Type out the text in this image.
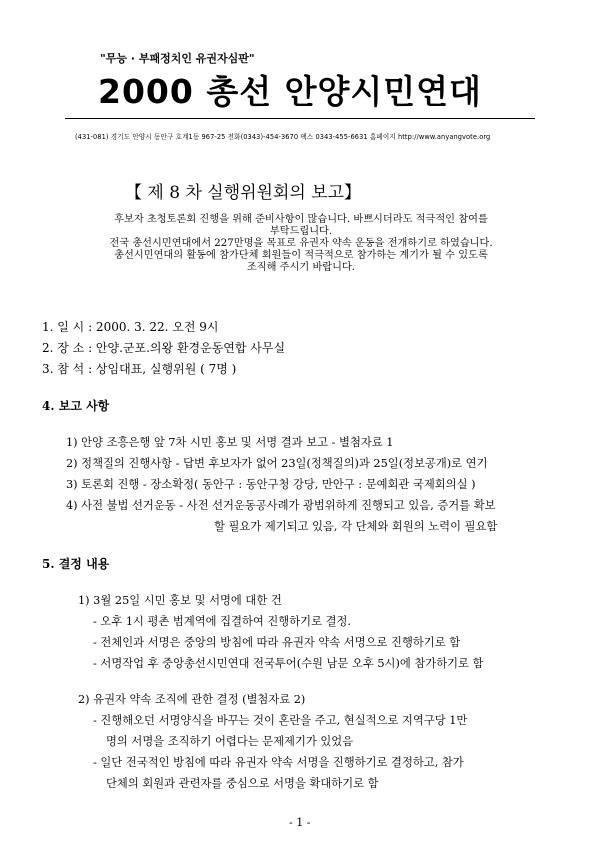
"무능 · 부패정치인 유권자심판"
2000 총선 안양시민연대
(431-081) 경기도 안양시 동안구 호계1동 967-25 전화(0343)-454-3670 팩스 0343-455-6631 홈페이지 http://www.anyangvote.org
【 제 8 차 실행위원회의 보고】

후보자 초청토론회 진행을 위해 준비사항이 많습니다. 바쁘시더라도 적극적인 참여를

부탁드립니다.

전국 총선시민연대에서 227만명을 목표로 유권자 약속 운동을 전개하기로 하였습니다.

총선시민연대의 활동에 참가단체 회원들이 적극적으로 참가하는 계기가 될 수 있도록

조직해 주시기 바랍니다.

1. 일 시 : 2000. 3. 22. 오전 9시
2. 장 소 : 안양.군포.의왕 환경운동연합 사무실
3. 참 석 : 상임대표, 실행위원 ( 7명 )
4. 보고 사항
1) 안양 조흥은행 앞 7차 시민 홍보 및 서명 결과 보고 - 별첨자료 1
2) 정책질의 진행사항 - 답변 후보자가 없어 23일(정책질의)과 25일(정보공개)로 연기
3) 토론회 진행 - 장소확정( 동안구 : 동안구청 강당, 만안구 : 문예회관 국제회의실 )
4) 사전 불법 선거운동 - 사전 선거운동공사례가 광범위하게 진행되고 있음, 증거를 확보
할 필요가 제기되고 있음, 각 단체와 회원의 노력이 필요함
5. 결정 내용
1) 3월 25일 시민 홍보 및 서명에 대한 건
- 오후 1시 평촌 범계역에 집결하여 진행하기로 결정.
- 전체인과 서명은 중앙의 방침에 따라 유권자 약속 서명으로 진행하기로 함
- 서명작업 후 중앙총선시민연대 전국투어(수원 남문 오후 5시)에 참가하기로 함
2) 유권자 약속 조직에 관한 결정 (별첨자료 2)
- 진행해오던 서명양식을 바꾸는 것이 혼란을 주고, 현실적으로 지역구당 1만
명의 서명을 조직하기 어렵다는 문제제기가 있었음
- 일단 전국적인 방침에 따라 유권자 약속 서명을 진행하기로 결정하고, 참가
단체의 회원과 관련자를 중심으로 서명을 확대하기로 함
- 1 -
